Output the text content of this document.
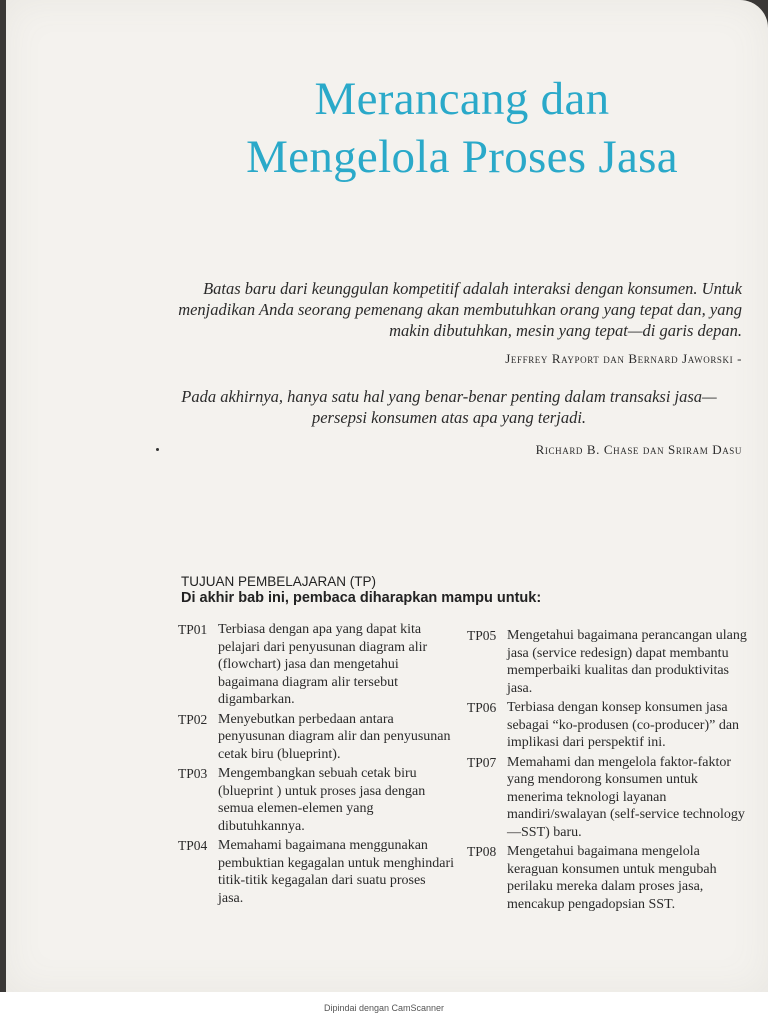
Merancang dan
Mengelola Proses Jasa
Batas baru dari keunggulan kompetitif adalah interaksi dengan konsumen. Untuk menjadikan Anda seorang pemenang akan membutuhkan orang yang tepat dan, yang makin dibutuhkan, mesin yang tepat—di garis depan.
Jeffrey Rayport dan Bernard Jaworski -
Pada akhirnya, hanya satu hal yang benar-benar penting dalam transaksi jasa—persepsi konsumen atas apa yang terjadi.
Richard B. Chase dan Sriram Dasu
TUJUAN PEMBELAJARAN (TP)
Di akhir bab ini, pembaca diharapkan mampu untuk:
TP01 Terbiasa dengan apa yang dapat kita pelajari dari penyusunan diagram alir (flowchart) jasa dan mengetahui bagaimana diagram alir tersebut digambarkan.
TP02 Menyebutkan perbedaan antara penyusunan diagram alir dan penyusunan cetak biru (blueprint).
TP03 Mengembangkan sebuah cetak biru (blueprint ) untuk proses jasa dengan semua elemen-elemen yang dibutuhkannya.
TP04 Memahami bagaimana menggunakan pembuktian kegagalan untuk menghindari titik-titik kegagalan dari suatu proses jasa.
TP05 Mengetahui bagaimana perancangan ulang jasa (service redesign) dapat membantu memperbaiki kualitas dan produktivitas jasa.
TP06 Terbiasa dengan konsep konsumen jasa sebagai “ko-produsen (co-producer)” dan implikasi dari perspektif ini.
TP07 Memahami dan mengelola faktor-faktor yang mendorong konsumen untuk menerima teknologi layanan mandiri/swalayan (self-service technology—SST) baru.
TP08 Mengetahui bagaimana mengelola keraguan konsumen untuk mengubah perilaku mereka dalam proses jasa, mencakup pengadopsian SST.
Dipindai dengan CamScanner
